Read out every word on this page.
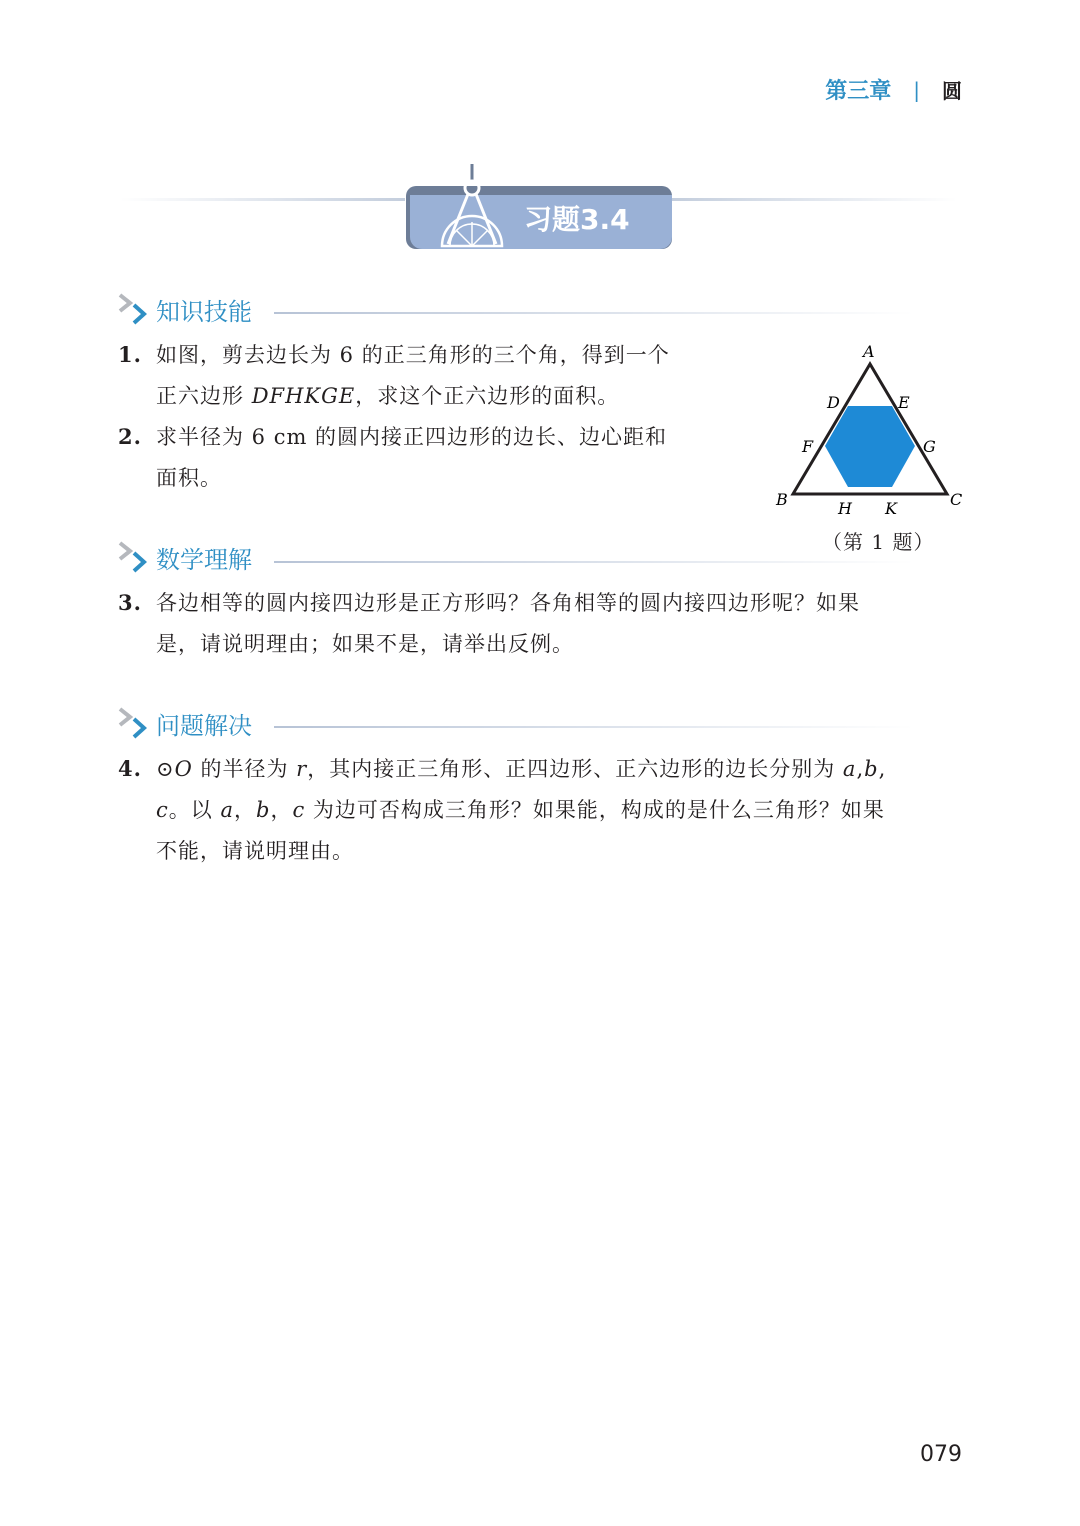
第三章 | 圆
习题3.4
知识技能
1. 如图，剪去边长为 6 的正三角形的三个角，得到一个
正六边形 DFHKGE，求这个正六边形的面积。
2. 求半径为 6 cm 的圆内接正四边形的边长、边心距和
面积。
A
B	C
D	E
F	G
H K
（第 1 题）
数学理解
3. 各边相等的圆内接四边形是正方形吗？各角相等的圆内接四边形呢？如果
是，请说明理由；如果不是，请举出反例。
问题解决
4. ⊙O 的半径为 r，其内接正三角形、正四边形、正六边形的边长分别为 a,b,
c。以 a，b，c 为边可否构成三角形？如果能，构成的是什么三角形？如果
不能，请说明理由。
079
